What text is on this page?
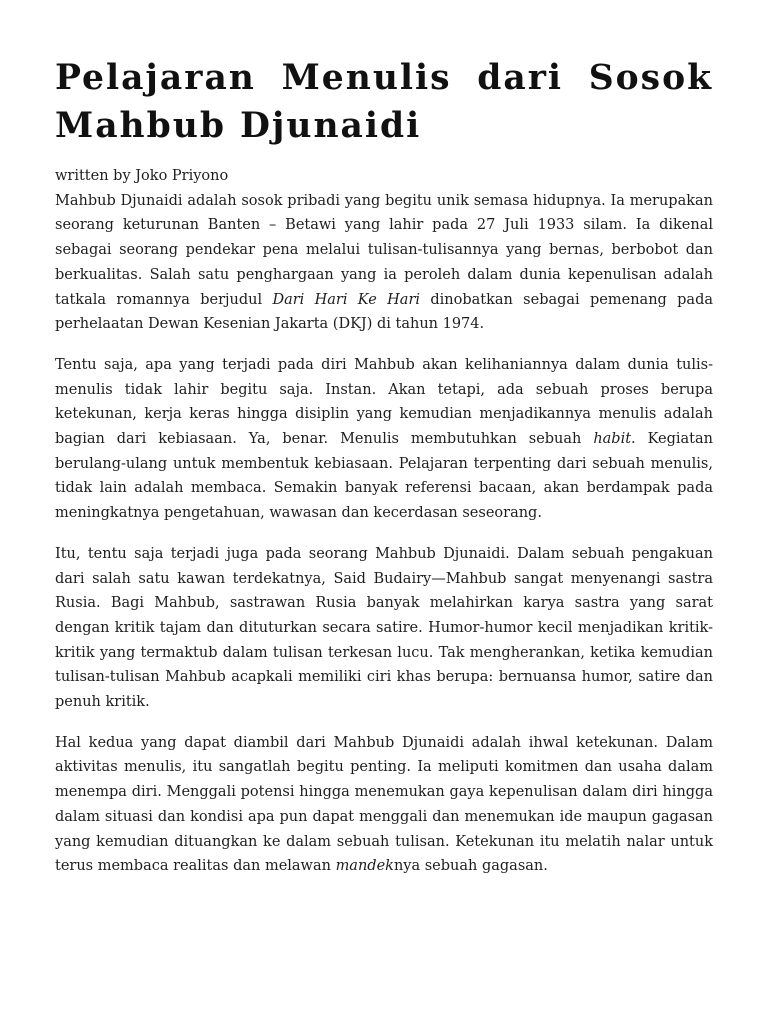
Pelajaran Menulis dari Sosok Mahbub Djunaidi
written by Joko Priyono

Mahbub Djunaidi adalah sosok pribadi yang begitu unik semasa hidupnya. Ia merupakan seorang keturunan Banten – Betawi yang lahir pada 27 Juli 1933 silam. Ia dikenal sebagai seorang pendekar pena melalui tulisan-tulisannya yang bernas, berbobot dan berkualitas. Salah satu penghargaan yang ia peroleh dalam dunia kepenulisan adalah tatkala romannya berjudul Dari Hari Ke Hari dinobatkan sebagai pemenang pada perhelaatan Dewan Kesenian Jakarta (DKJ) di tahun 1974.

Tentu saja, apa yang terjadi pada diri Mahbub akan kelihaniannya dalam dunia tulis-menulis tidak lahir begitu saja. Instan. Akan tetapi, ada sebuah proses berupa ketekunan, kerja keras hingga disiplin yang kemudian menjadikannya menulis adalah bagian dari kebiasaan. Ya, benar. Menulis membutuhkan sebuah habit. Kegiatan berulang-ulang untuk membentuk kebiasaan. Pelajaran terpenting dari sebuah menulis, tidak lain adalah membaca. Semakin banyak referensi bacaan, akan berdampak pada meningkatnya pengetahuan, wawasan dan kecerdasan seseorang.

Itu, tentu saja terjadi juga pada seorang Mahbub Djunaidi. Dalam sebuah pengakuan dari salah satu kawan terdekatnya, Said Budairy—Mahbub sangat menyenangi sastra Rusia. Bagi Mahbub, sastrawan Rusia banyak melahirkan karya sastra yang sarat dengan kritik tajam dan dituturkan secara satire. Humor-humor kecil menjadikan kritik-kritik yang termaktub dalam tulisan terkesan lucu. Tak mengherankan, ketika kemudian tulisan-tulisan Mahbub acapkali memiliki ciri khas berupa: bernuansa humor, satire dan penuh kritik.

Hal kedua yang dapat diambil dari Mahbub Djunaidi adalah ihwal ketekunan. Dalam aktivitas menulis, itu sangatlah begitu penting. Ia meliputi komitmen dan usaha dalam menempa diri. Menggali potensi hingga menemukan gaya kepenulisan dalam diri hingga dalam situasi dan kondisi apa pun dapat menggali dan menemukan ide maupun gagasan yang kemudian dituangkan ke dalam sebuah tulisan. Ketekunan itu melatih nalar untuk terus membaca realitas dan melawan mandeknya sebuah gagasan.
